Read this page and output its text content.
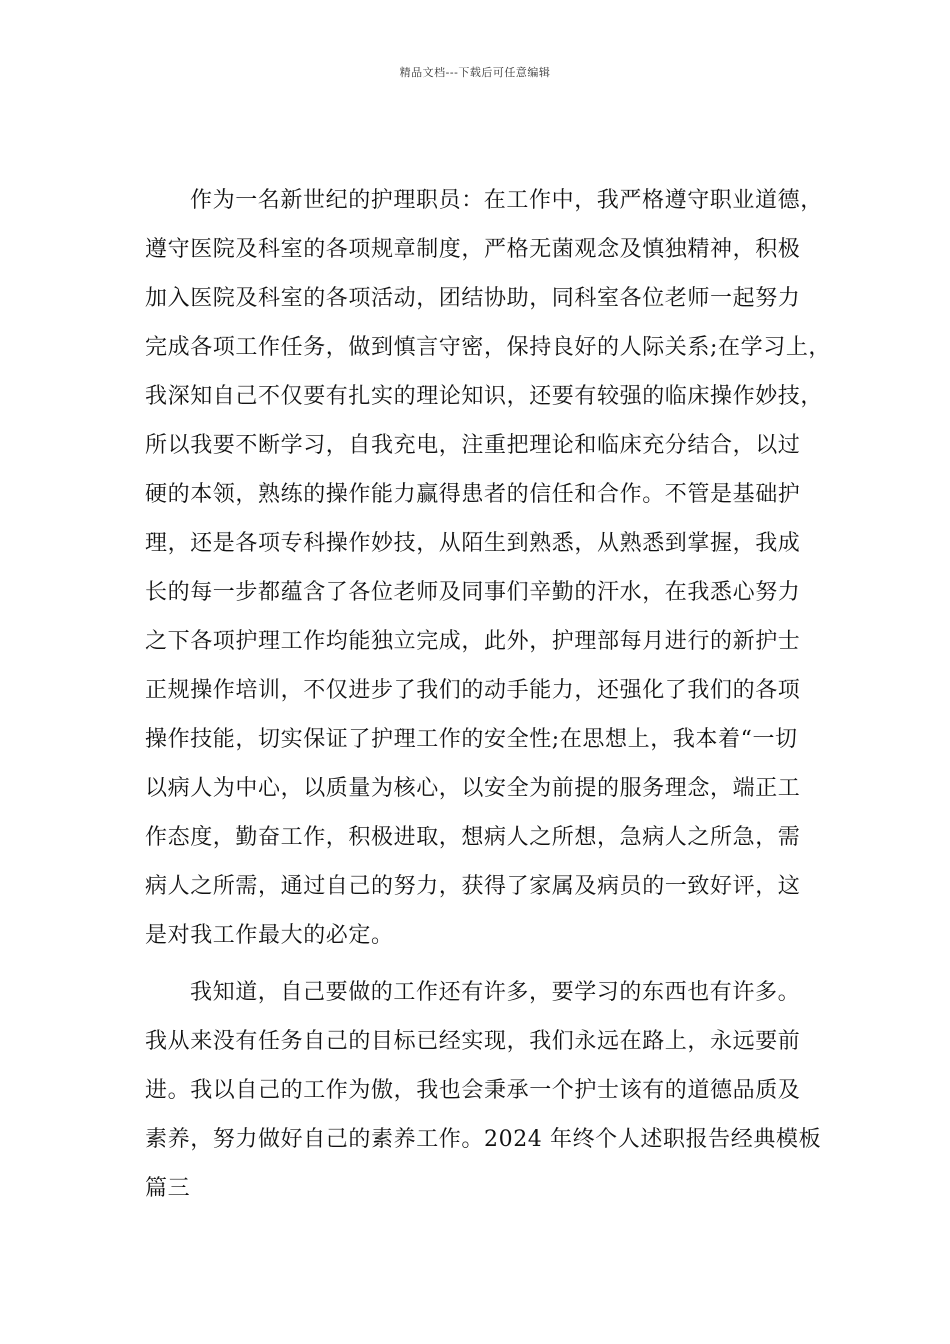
精品文档---下载后可任意编辑
作为一名新世纪的护理职员：在工作中，我严格遵守职业道德，
遵守医院及科室的各项规章制度，严格无菌观念及慎独精神，积极
加入医院及科室的各项活动，团结协助，同科室各位老师一起努力
完成各项工作任务，做到慎言守密，保持良好的人际关系;在学习上，
我深知自己不仅要有扎实的理论知识，还要有较强的临床操作妙技，
所以我要不断学习，自我充电，注重把理论和临床充分结合，以过
硬的本领，熟练的操作能力赢得患者的信任和合作。不管是基础护
理，还是各项专科操作妙技，从陌生到熟悉，从熟悉到掌握，我成
长的每一步都蕴含了各位老师及同事们辛勤的汗水，在我悉心努力
之下各项护理工作均能独立完成，此外，护理部每月进行的新护士
正规操作培训，不仅进步了我们的动手能力，还强化了我们的各项
操作技能，切实保证了护理工作的安全性;在思想上，我本着“一切
以病人为中心，以质量为核心，以安全为前提的服务理念，端正工
作态度，勤奋工作，积极进取，想病人之所想，急病人之所急，需
病人之所需，通过自己的努力，获得了家属及病员的一致好评，这
是对我工作最大的必定。
我知道，自己要做的工作还有许多，要学习的东西也有许多。
我从来没有任务自己的目标已经实现，我们永远在路上，永远要前
进。我以自己的工作为傲，我也会秉承一个护士该有的道德品质及
素养，努力做好自己的素养工作。2024 年终个人述职报告经典模板
篇三
